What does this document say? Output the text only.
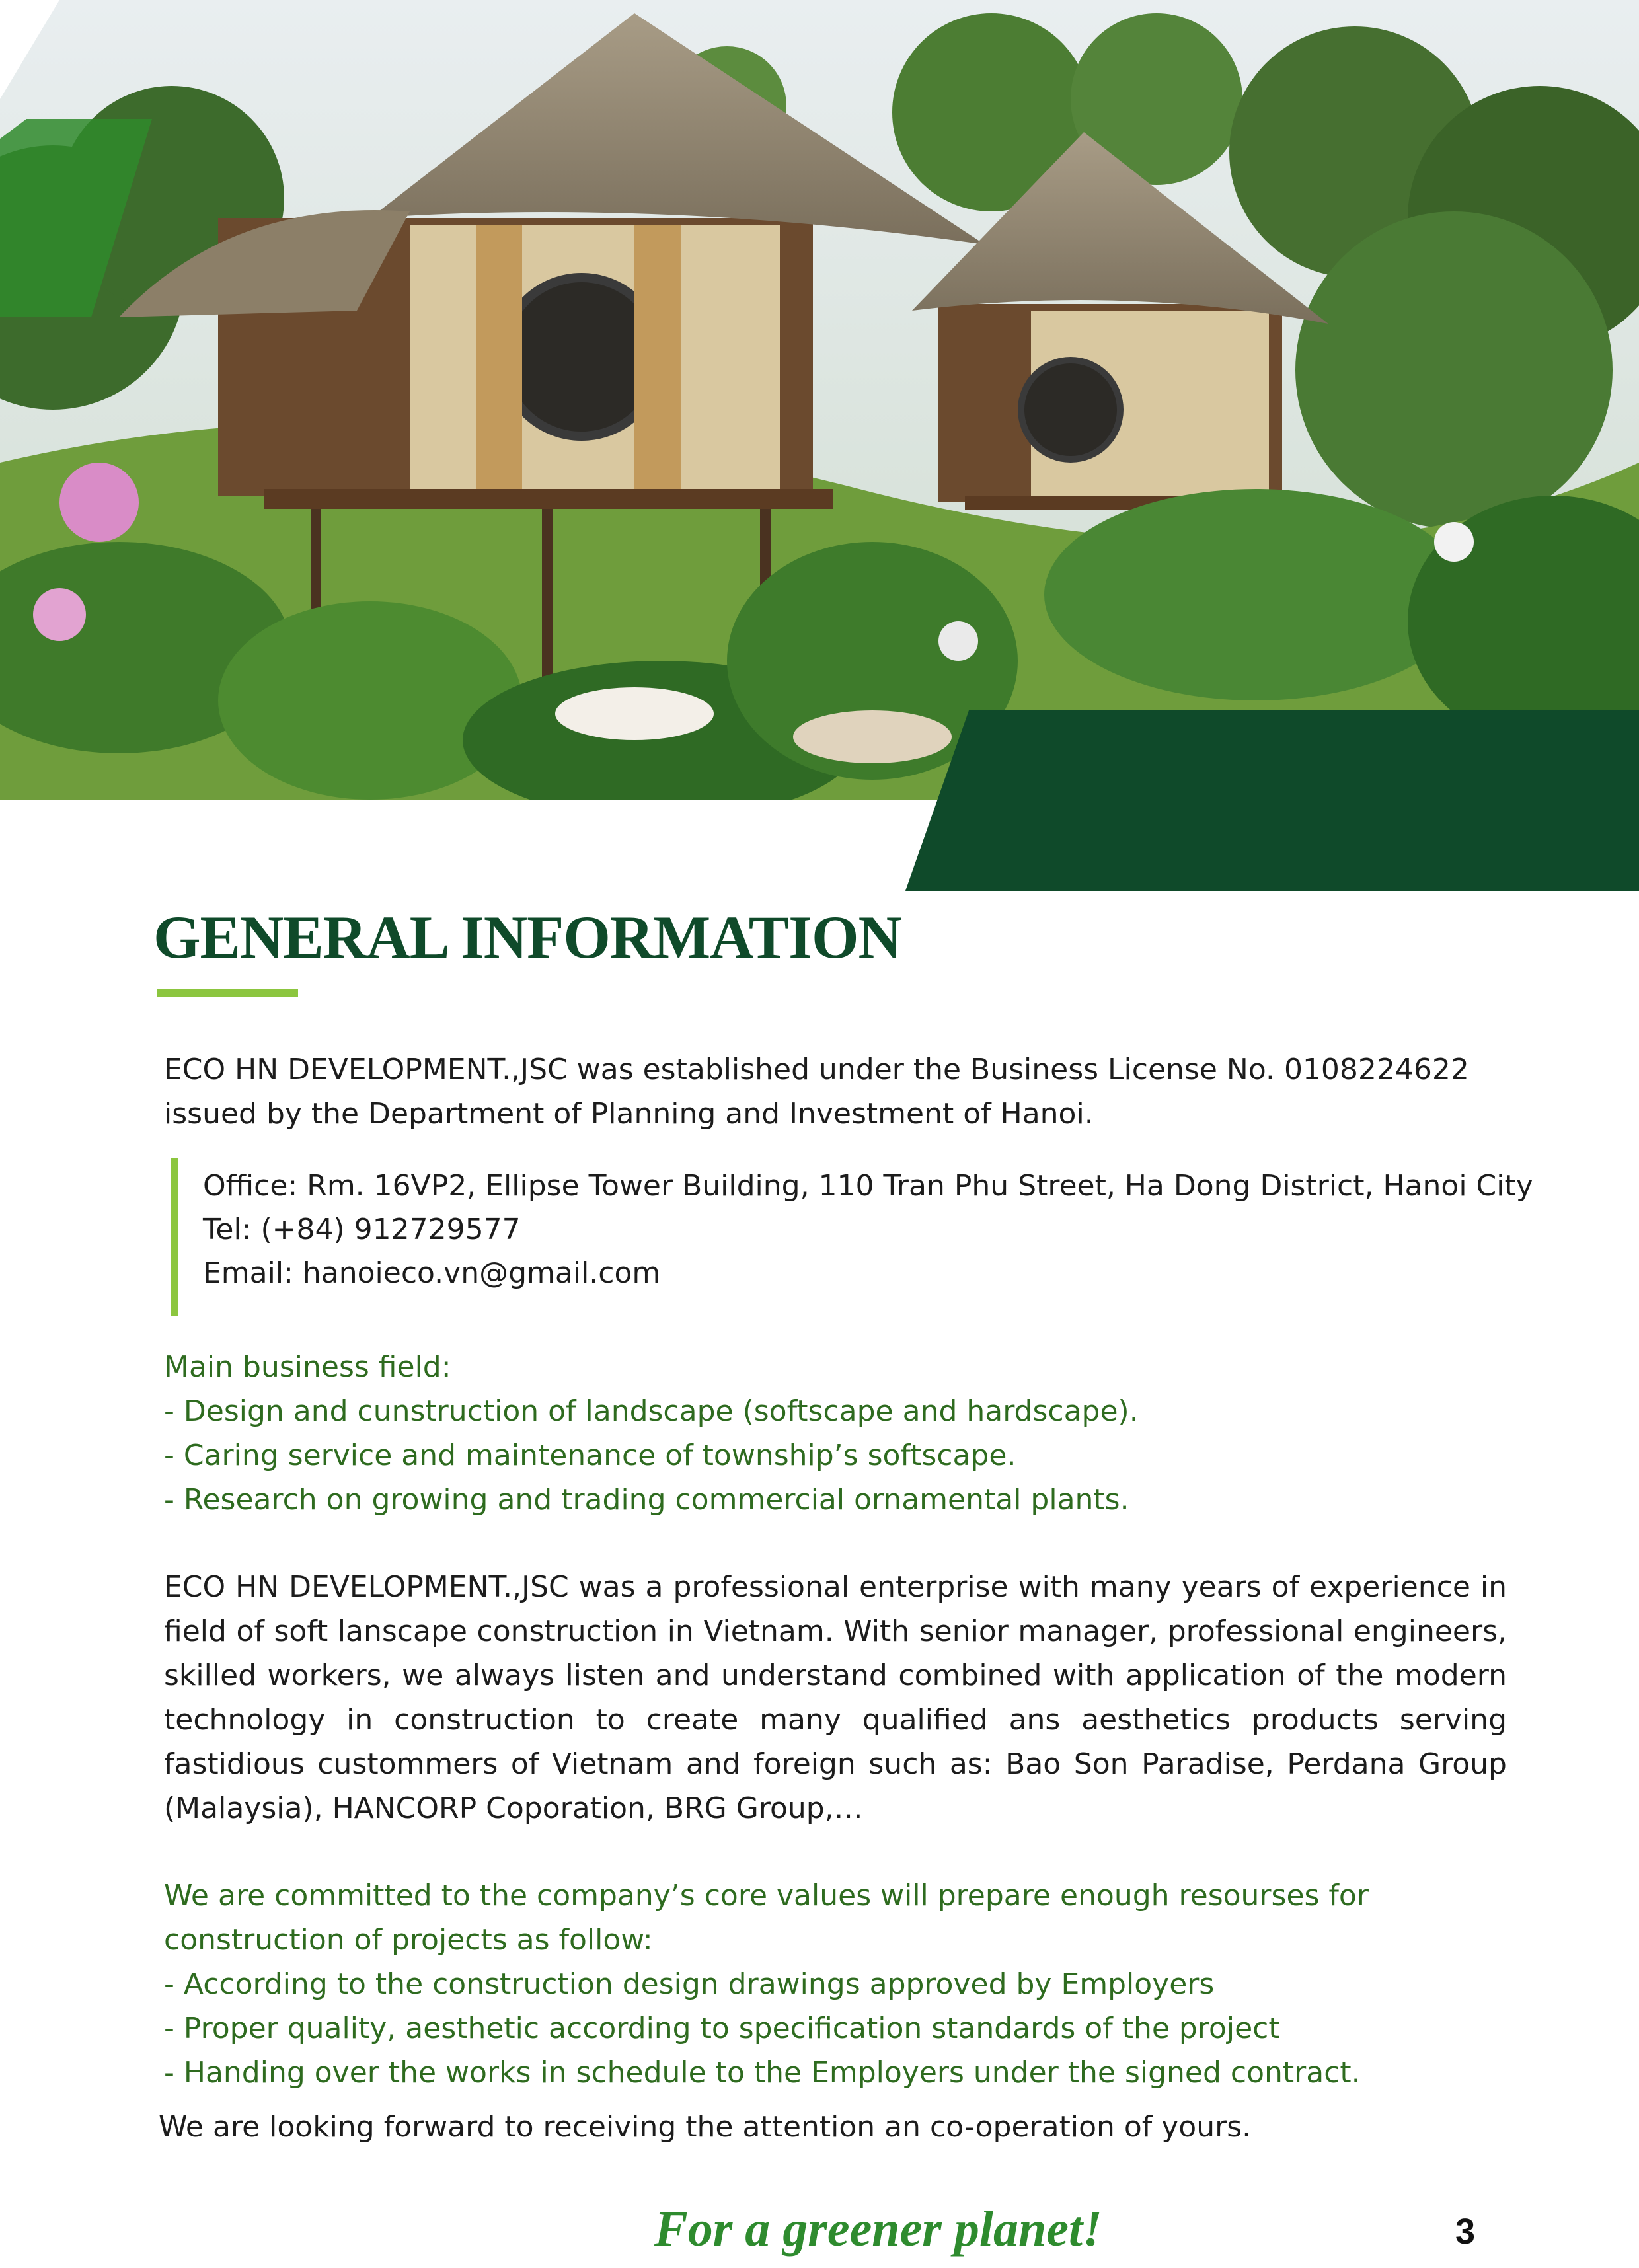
GENERAL INFORMATION

ECO HN DEVELOPMENT.,JSC was established under the Business License No. 0108224622

issued by the Department of Planning and Investment of Hanoi.

Office: Rm. 16VP2, Ellipse Tower Building, 110 Tran Phu Street, Ha Dong District, Hanoi City

Tel: (+84) 912729577

Email: hanoieco.vn@gmail.com

Main business field:

- Design and cunstruction of landscape (softscape and hardscape).

- Caring service and maintenance of township’s softscape.

- Research on growing and trading commercial ornamental plants.

ECO HN DEVELOPMENT.,JSC was a professional enterprise with many years of experience in

field of soft lanscape construction in Vietnam. With senior manager, professional engineers,

skilled workers, we always listen and understand combined with application of the modern

technology in construction to create many qualified ans aesthetics products serving

fastidious custommers of Vietnam and foreign such as: Bao Son Paradise, Perdana Group

(Malaysia), HANCORP Coporation, BRG Group,…

We are committed to the company’s core values will prepare enough resourses for

construction of projects as follow:

- According to the construction design drawings approved by Employers

- Proper quality, aesthetic according to specification standards of the project

- Handing over the works in schedule to the Employers under the signed contract.

We are looking forward to receiving the attention an co-operation of yours.

For a greener planet!	3
